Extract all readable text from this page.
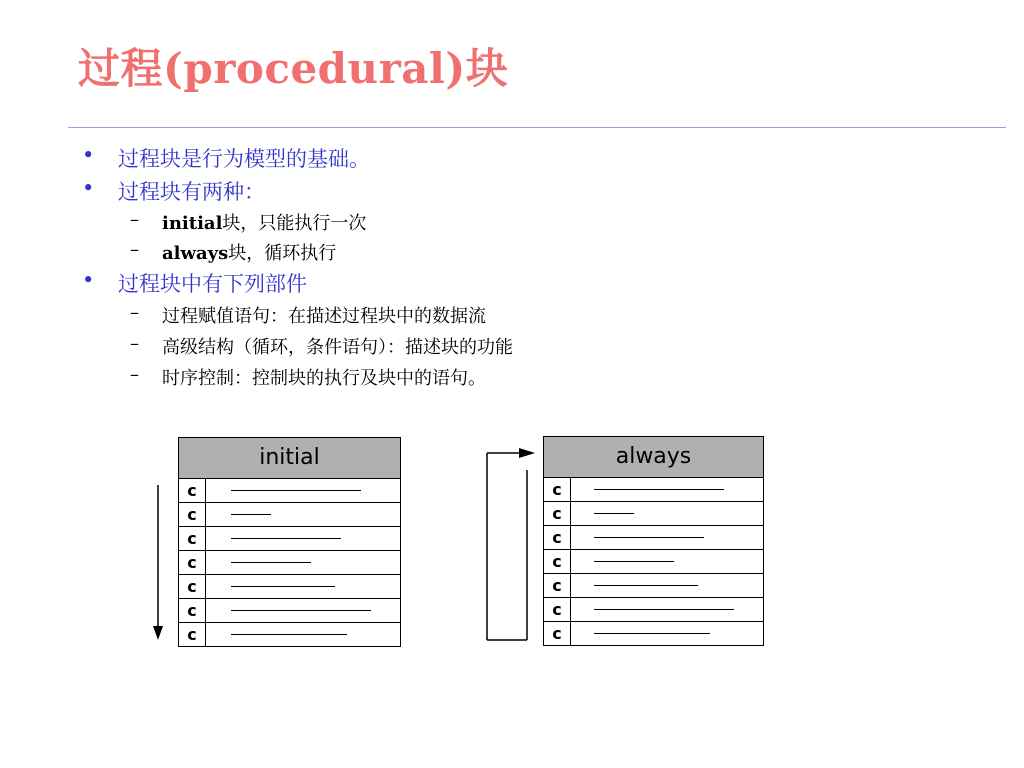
过程(procedural)块
• 过程块是行为模型的基础。
• 过程块有两种：
– initial块，只能执行一次
– always块，循环执行
• 过程块中有下列部件
– 过程赋值语句：在描述过程块中的数据流
– 高级结构（循环，条件语句）：描述块的功能
– 时序控制：控制块的执行及块中的语句。
initial
c
c
c
c
c
c
c
always
c
c
c
c
c
c
c
